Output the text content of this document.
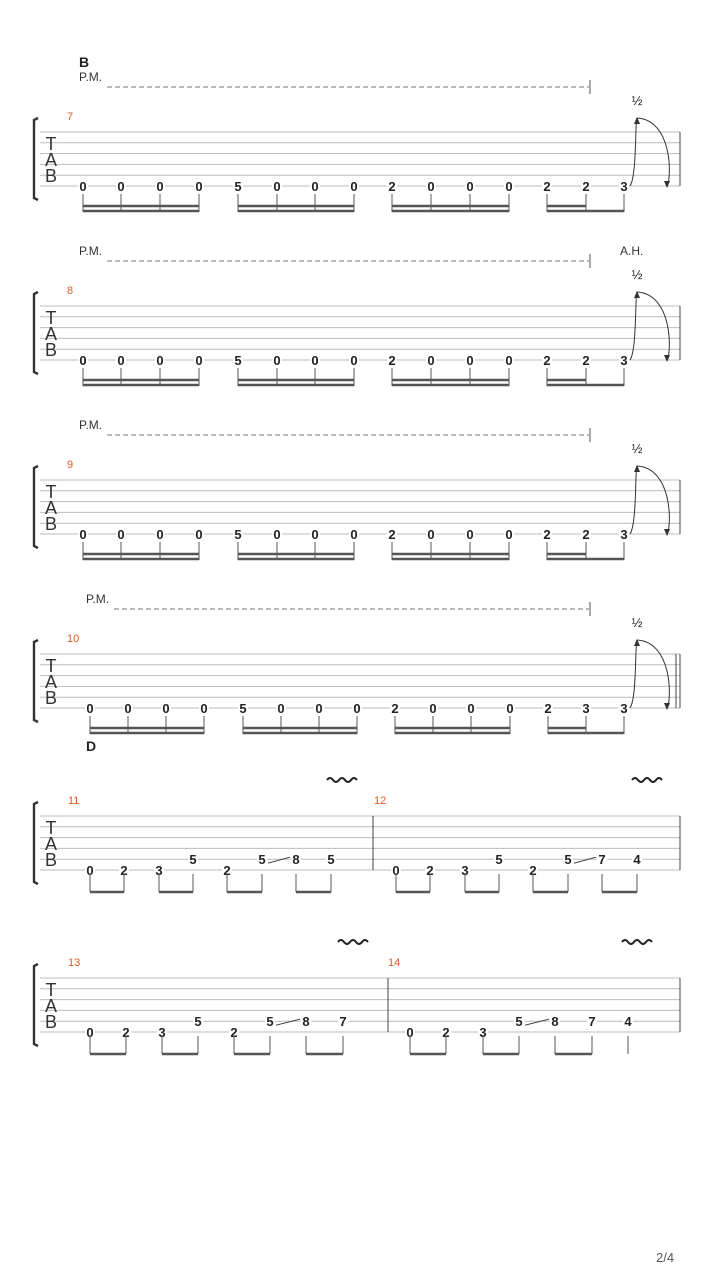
T
A
B
B
P.M.
7
0 0 0 0 5 0 0 0 2 0 0 0 2 2 3
½
T
A
B
P.M.	A.H.
8
0 0 0 0 5 0 0 0 2 0 0 0 2 2 3
½
T
A
B
P.M.
9
0 0 0 0 5 0 0 0 2 0 0 0 2 2 3
½
T
A
B
P.M.
10
0 0 0 0 5 0 0 0 2 0 0 0 2 3 3
½
T
A
B
D
11
0 2 3
5
2
5 8 5
12
0 2 3
5
2
5 7 4
T
A
B
13
0 2 3
5
2
5 8 7
14
0 2 3
5 8 7 4
2/4
